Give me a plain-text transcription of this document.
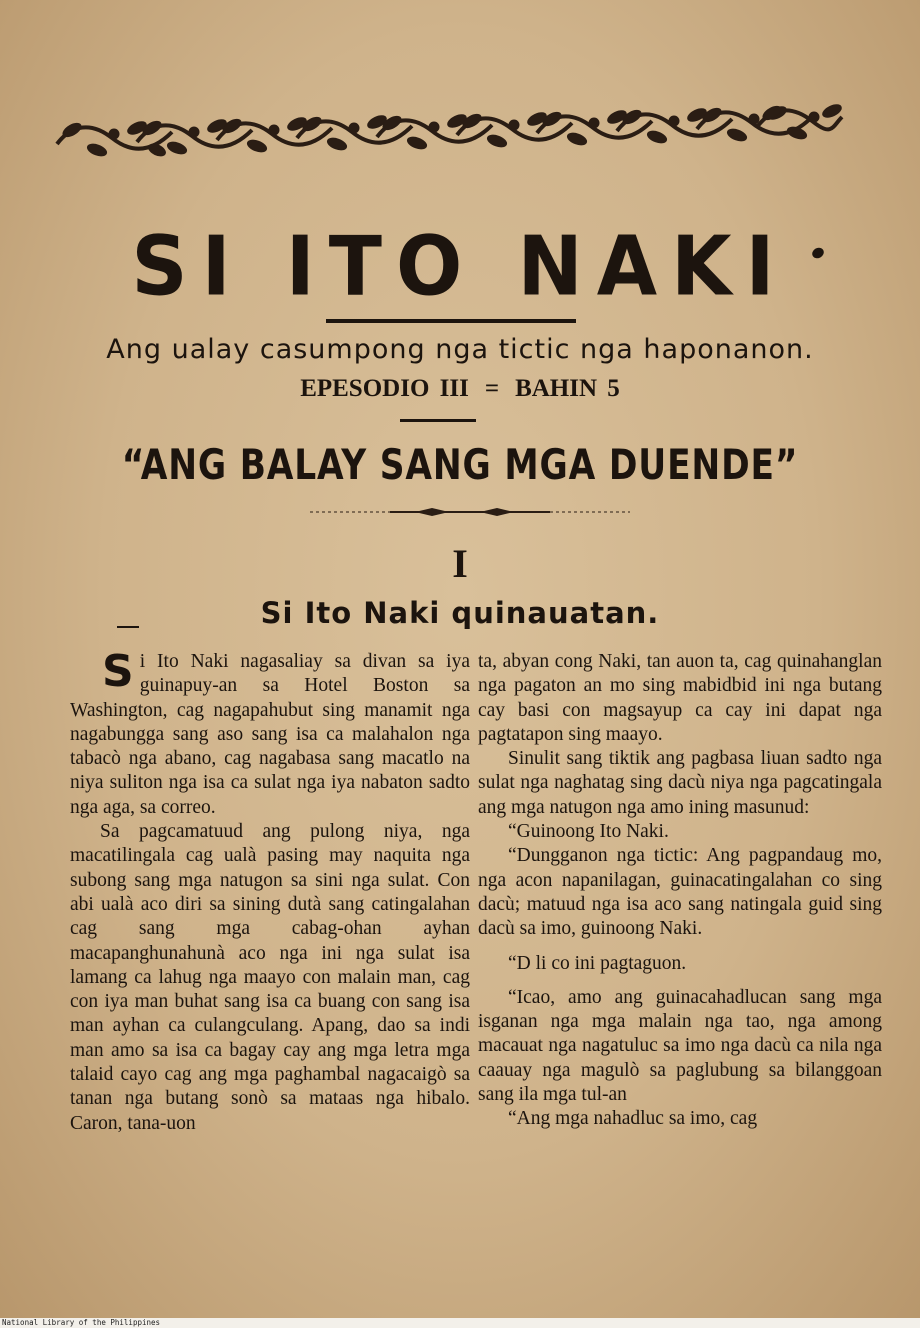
SI ITO NAKI

Ang ualay casumpong nga tictic nga haponanon.

EPESODIO III = BAHIN 5

“ANG BALAY SANG MGA DUENDE”
I
Si Ito Naki quinauatan.

Si Ito Naki nagasaliay sa divan sa iya guinapuy-an sa Hotel Boston sa Washington, cag nagapahubut sing manamit nga nagabungga sang aso sang isa ca malahalon nga tabacò nga abano, cag nagabasa sang macatlo na niya suliton nga isa ca sulat nga iya nabaton sadto nga aga, sa correo.

Sa pagcamatuud ang pulong niya, nga macatilingala cag ualà pasing may naquita nga subong sang mga natugon sa sini nga sulat. Con abi ualà aco diri sa sining dutà sang catingalahan cag sang mga cabag-ohan ayhan macapanghunahunà aco nga ini nga sulat isa lamang ca lahug nga maayo con malain man, cag con iya man buhat sang isa ca buang con sang isa man ayhan ca culangculang. Apang, dao sa indi man amo sa isa ca bagay cay ang mga letra mga talaid cayo cag ang mga paghambal nagacaigò sa tanan nga butang sonò sa mataas nga hibalo. Caron, tana-uon

ta, abyan cong Naki, tan auon ta, cag quinahanglan nga pagaton an mo sing mabidbid ini nga butang cay basi con magsayup ca cay ini dapat nga pagtatapon sing maayo.

Sinulit sang tiktik ang pagbasa liuan sadto nga sulat nga naghatag sing dacù niya nga pagcatingala ang mga natugon nga amo ining masunud:

“Guinoong Ito Naki.

“Dungganon nga tictic: Ang pagpandaug mo, nga acon napanilagan, guinacatingalahan co sing dacù; matuud nga isa aco sang natingala guid sing dacù sa imo, guinoong Naki.

“D li co ini pagtaguon.

“Icao, amo ang guinacahadlucan sang mga isganan nga mga malain nga tao, nga among macauat nga nagatuluc sa imo nga dacù ca nila nga caauay nga magulò sa paglubung sa bilanggoan sang ila mga tul-an

“Ang mga nahadluc sa imo, cag

National Library of the Philippines
